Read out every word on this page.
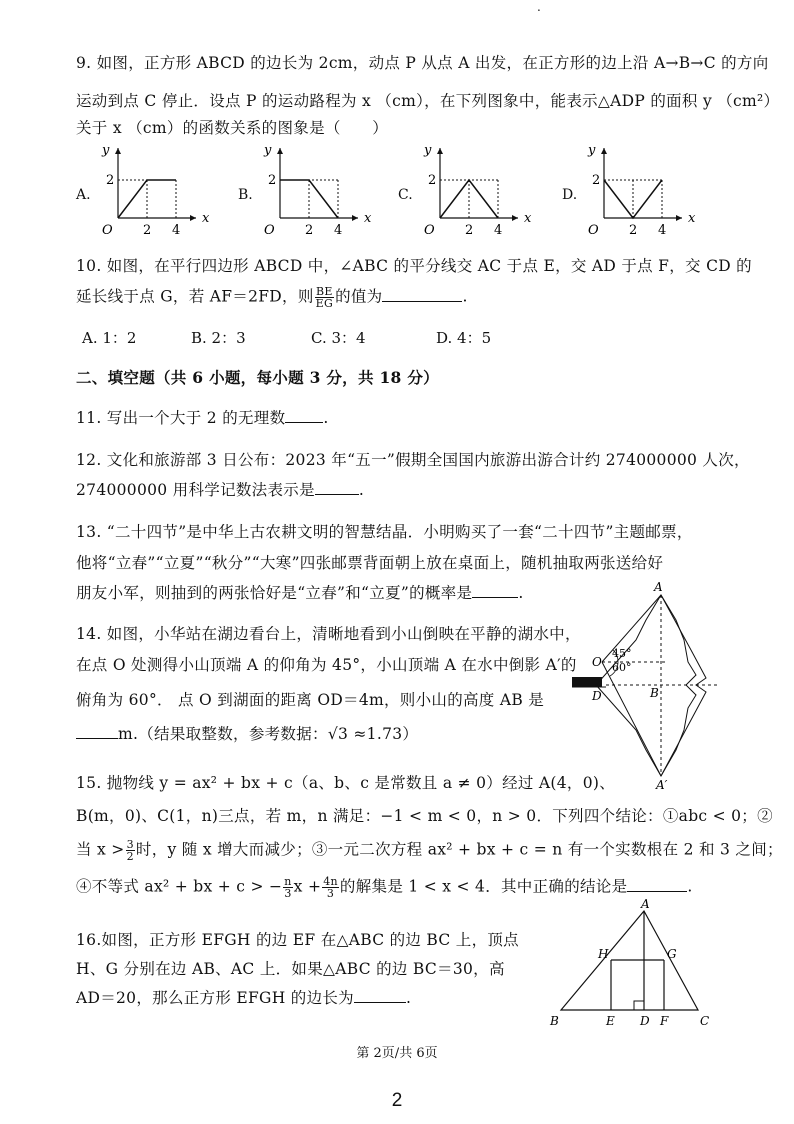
.
9. 如图，正方形 ABCD 的边长为 2cm，动点 P 从点 A 出发，在正方形的边上沿 A→B→C 的方向
运动到点 C 停止．设点 P 的运动路程为 x （cm），在下列图象中，能表示△ADP 的面积 y （cm²）
关于 x （cm）的函数关系的图象是（　　）
A.
y
x
O
2
2 4
B.
y
x
O
2
2 4
C.
y
x
O
2
2 4
D.
y
x
O
2
2 4
10. 如图，在平行四边形 ABCD 中，∠ABC 的平分线交 AC 于点 E，交 AD 于点 F，交 CD 的
延长线于点 G，若 AF＝2FD，则 $\frac{BE}{EG}$ 的值为	.
A. 1：2	B. 2：3	C. 3：4	D. 4：5
二、填空题（共 6 小题，每小题 3 分，共 18 分）
11. 写出一个大于 2 的无理数 .
12. 文化和旅游部 3 日公布：2023 年“五一”假期全国国内旅游出游合计约 274000000 人次，
274000000 用科学记数法表示是	.
13. “二十四节”是中华上古农耕文明的智慧结晶．小明购买了一套“二十四节”主题邮票，
他将“立春”“立夏”“秋分”“大寒”四张邮票背面朝上放在桌面上，随机抽取两张送给好
朋友小军，则抽到的两张恰好是“立春”和“立夏”的概率是	.
14. 如图，小华站在湖边看台上，清晰地看到小山倒映在平静的湖水中，
在点 O 处测得小山顶端 A 的仰角为 45°，小山顶端 A 在水中倒影 A′的
俯角为 60°． 点 O 到湖面的距离 OD＝4m，则小山的高度 AB 是
m.（结果取整数，参考数据：√3 ≈1.73）
A
O
D	B
A′
45°
60°
15. 抛物线 y = ax² + bx + c（a、b、c 是常数且 a ≠ 0）经过 A(4，0)、
B(m，0)、C(1，n)三点，若 m，n 满足：−1 < m < 0，n > 0．下列四个结论：①abc < 0；②
当 $x > \frac{3}{2}$ 时，y 随 x 增大而减少；③一元二次方程 ax² + bx + c = n 有一个实数根在 2 和 3 之间；
④不等式 ax² + bx + c > − $\frac{n}{3}$ $x + \frac{4n}{3}$ 的解集是 1 < x < 4．其中正确的结论是	.
16.如图，正方形 EFGH 的边 EF 在△ABC 的边 BC 上，顶点
H、G 分别在边 AB、AC 上．如果△ABC 的边 BC＝30，高
AD＝20，那么正方形 EFGH 的边长为	.
A
B	C
D
E	F
G
H
第 2页/共 6页
2
